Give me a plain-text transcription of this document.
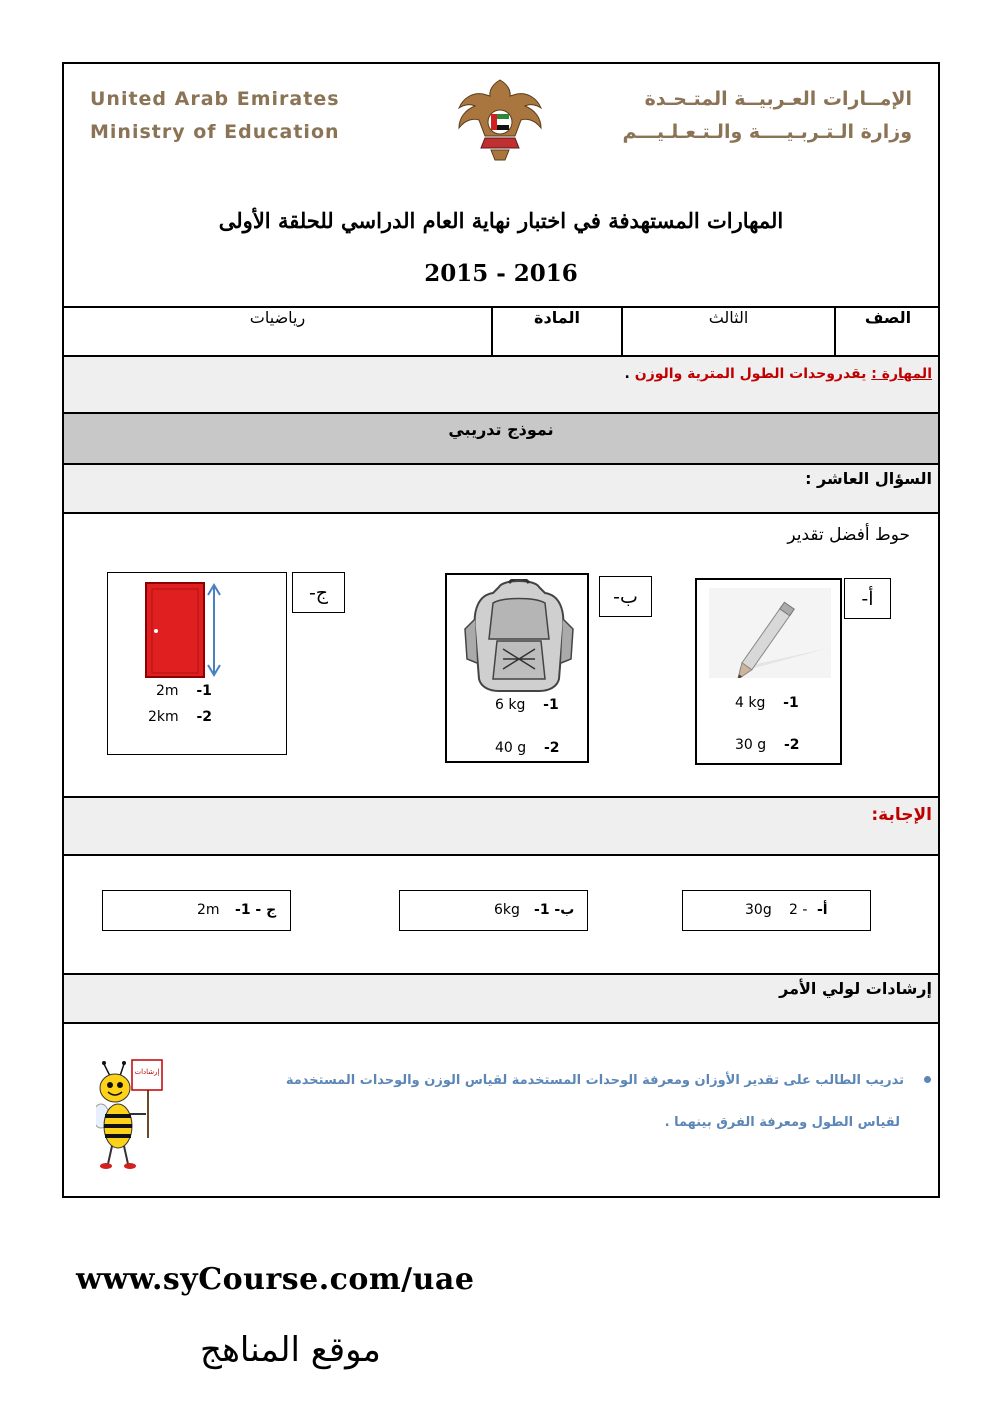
United Arab Emirates
Ministry of Education
الإمــارات العـربيــة المتـحـدة
وزارة الـتـربـيــــة والـتـعـلـيـــم
المهارات المستهدفة في اختبار نهاية العام الدراسي للحلقة الأولى
2015 - 2016
الصف
الثالث
المادة
رياضيات
المهارة : يقدروحدات الطول المترية والوزن .
نموذج تدريبي
السؤال العاشر :
حوط أفضل تقدير
أ-
4 kg -1
30 g -2
ب-
6 kg -1
40 g -2
ج-
2m -1
2km -2
الإجابة:
30g 2 - أ-
6kg ب- 1-
2m ج - 1-
إرشادات لولي الأمر
تدريب الطالب على تقدير الأوزان ومعرفة الوحدات المستخدمة لقياس الوزن والوحدات المستخدمة
لقياس الطول ومعرفة الفرق بينهما .
إرشادات
www.syCourse.com/uae
موقع المناهج
